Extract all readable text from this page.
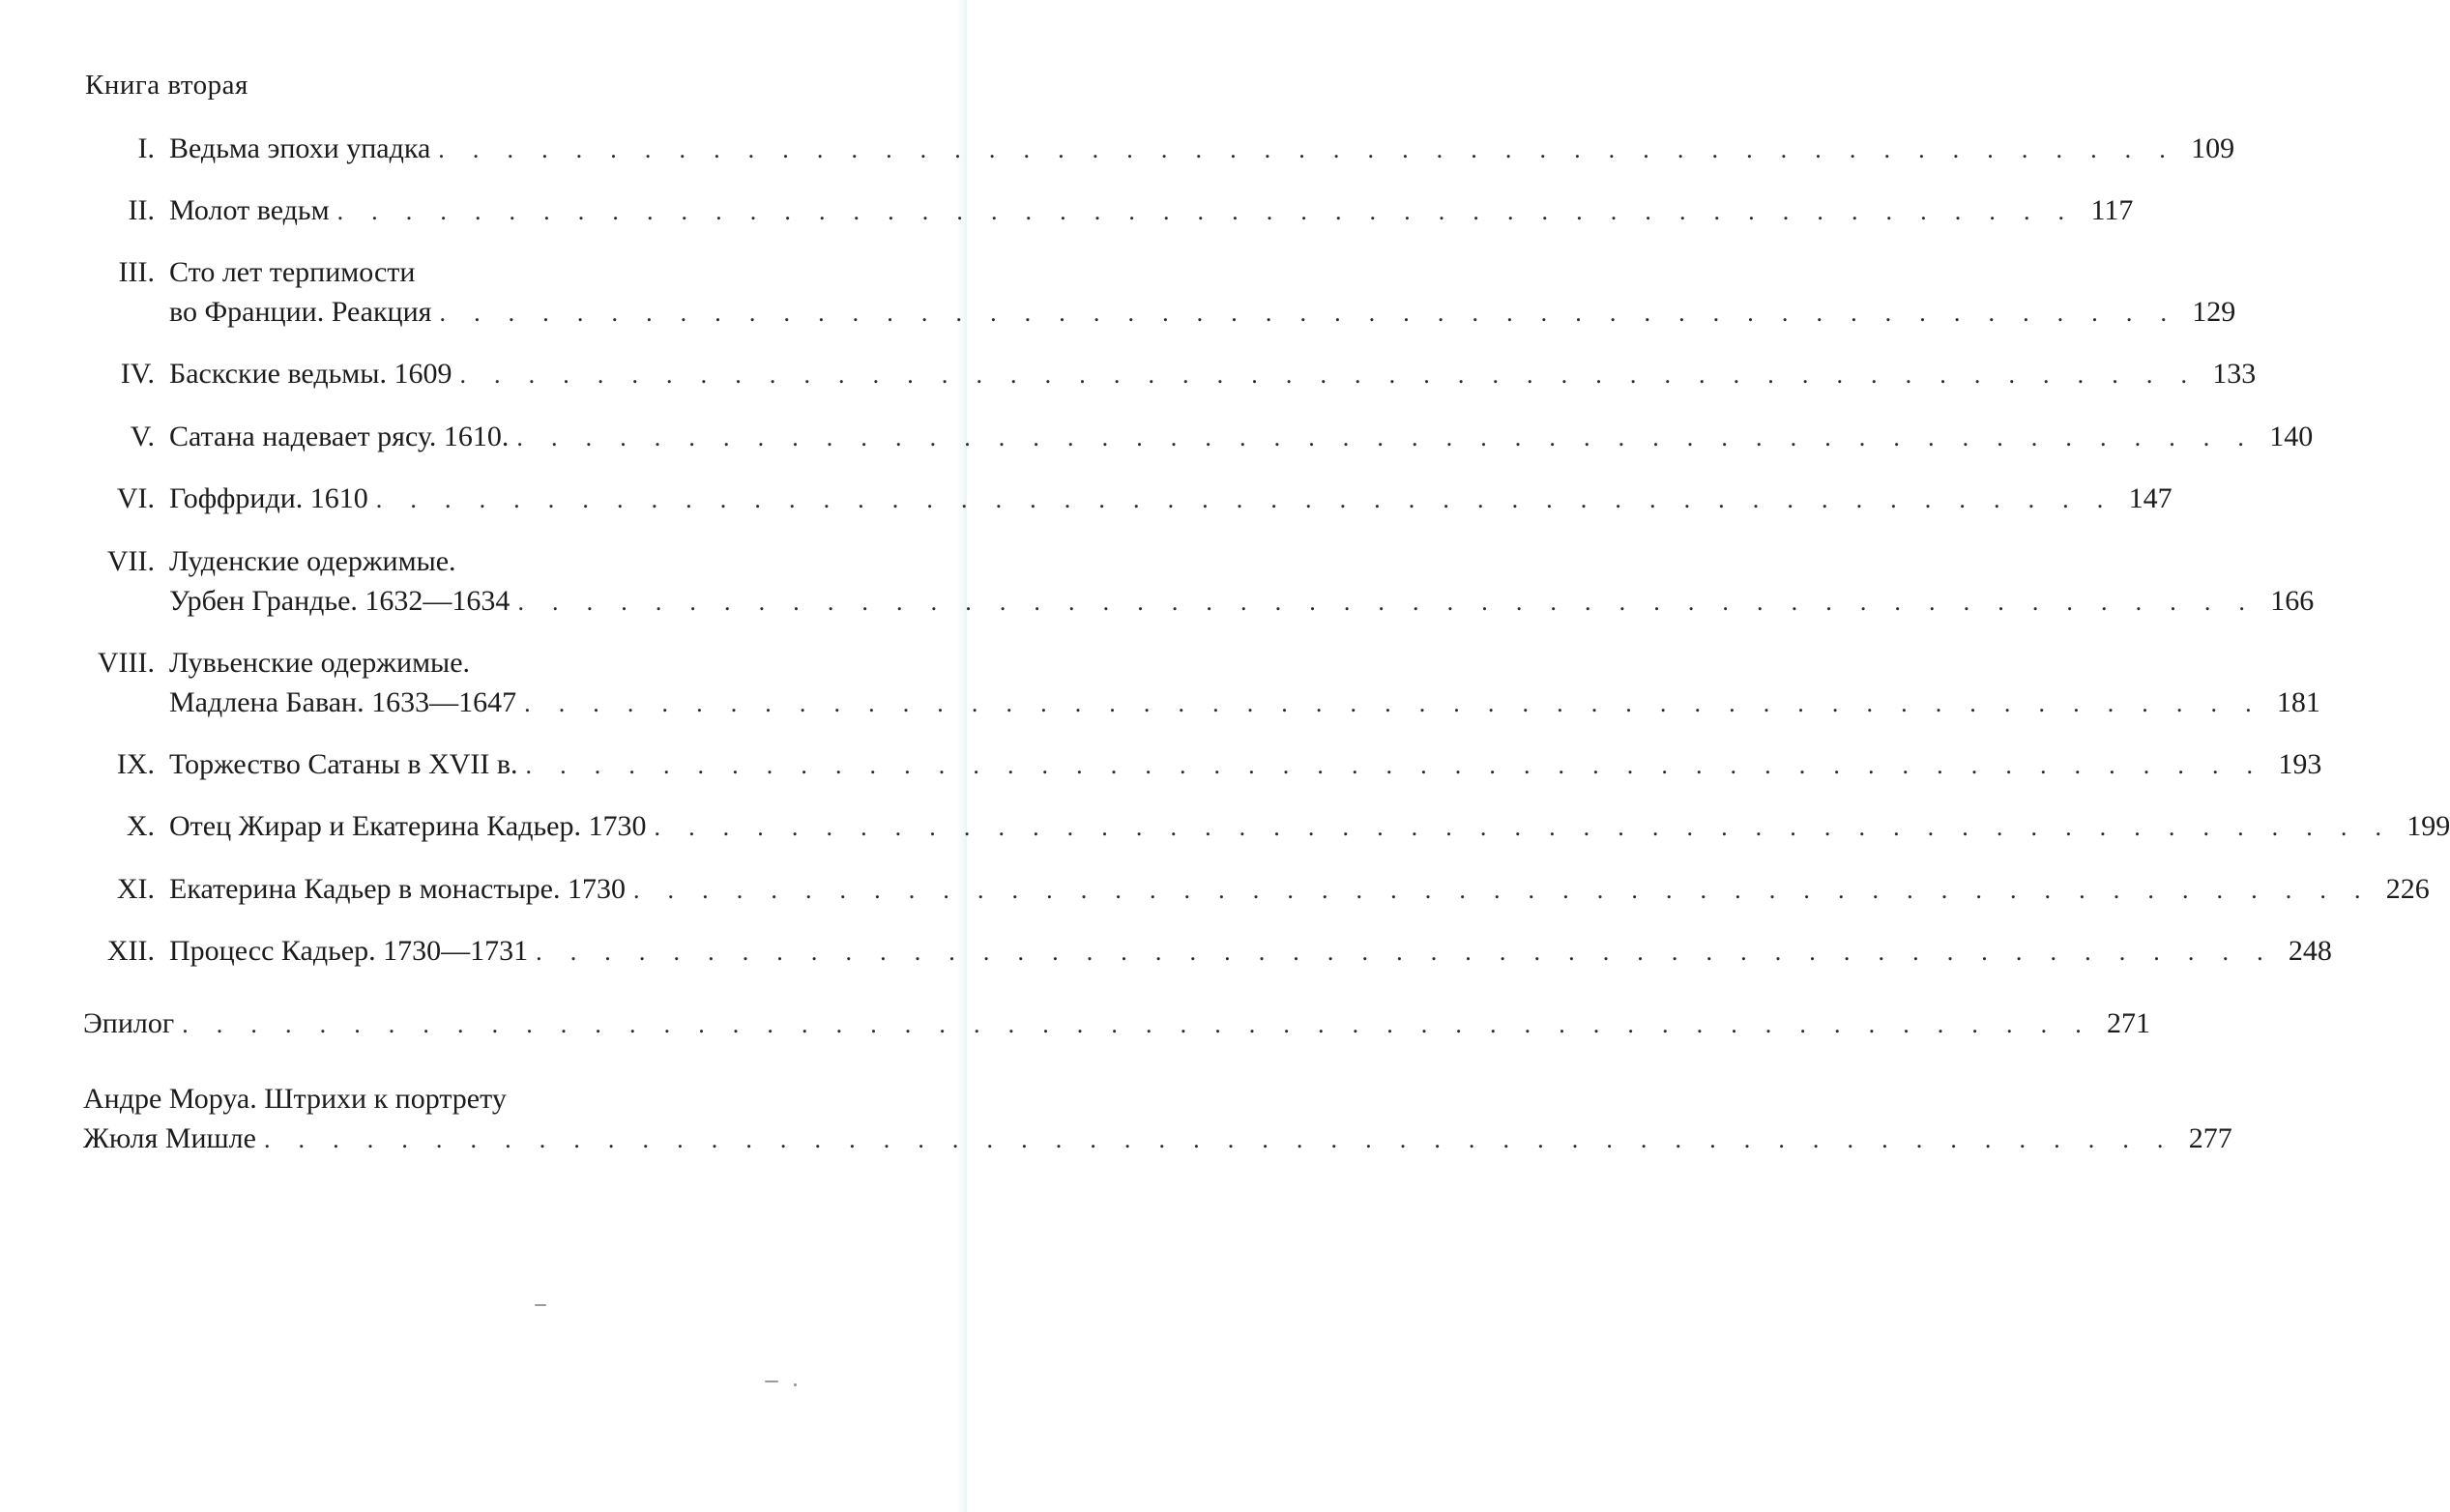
Книга вторая
I. Ведьма эпохи упадка . . . . . . . . . . . . . . . . . . . . . . . . . . . . . . . . . . . . . . . . . . . . . . . . . . . 109
II. Молот ведьм . . . . . . . . . . . . . . . . . . . . . . . . . . . . . . . . . . . . . . . . . . . . . . . . . . . 117
III. Сто лет терпимости
во Франции. Реакция . . . . . . . . . . . . . . . . . . . . . . . . . . . . . . . . . . . . . . . . . . . . . . . . . . . 129
IV. Баскские ведьмы. 1609 . . . . . . . . . . . . . . . . . . . . . . . . . . . . . . . . . . . . . . . . . . . . . . . . . . . 133
V. Сатана надевает рясу. 1610. . . . . . . . . . . . . . . . . . . . . . . . . . . . . . . . . . . . . . . . . . . . . . . . . . . . 140
VI. Гоффриди. 1610 . . . . . . . . . . . . . . . . . . . . . . . . . . . . . . . . . . . . . . . . . . . . . . . . . . . 147
VII. Луденские одержимые.
Урбен Грандье. 1632—1634 . . . . . . . . . . . . . . . . . . . . . . . . . . . . . . . . . . . . . . . . . . . . . . . . . . . 166
VIII. Лувьенские одержимые.
Мадлена Баван. 1633—1647 . . . . . . . . . . . . . . . . . . . . . . . . . . . . . . . . . . . . . . . . . . . . . . . . . . . 181
IX. Торжество Сатаны в XVII в. . . . . . . . . . . . . . . . . . . . . . . . . . . . . . . . . . . . . . . . . . . . . . . . . . . . 193
X. Отец Жирар и Екатерина Кадьер. 1730 . . . . . . . . . . . . . . . . . . . . . . . . . . . . . . . . . . . . . . . . . . . . . . . . . . . 199
XI. Екатерина Кадьер в монастыре. 1730 . . . . . . . . . . . . . . . . . . . . . . . . . . . . . . . . . . . . . . . . . . . . . . . . . . . 226
XII. Процесс Кадьер. 1730—1731 . . . . . . . . . . . . . . . . . . . . . . . . . . . . . . . . . . . . . . . . . . . . . . . . . . . 248
Эпилог . . . . . . . . . . . . . . . . . . . . . . . . . . . . . . . . . . . . . . . . . . . . . . . . . . . . . . . . 271
Андре Моруа. Штрихи к портрету
Жюля Мишле . . . . . . . . . . . . . . . . . . . . . . . . . . . . . . . . . . . . . . . . . . . . . . . . . . . . . . . . 277
